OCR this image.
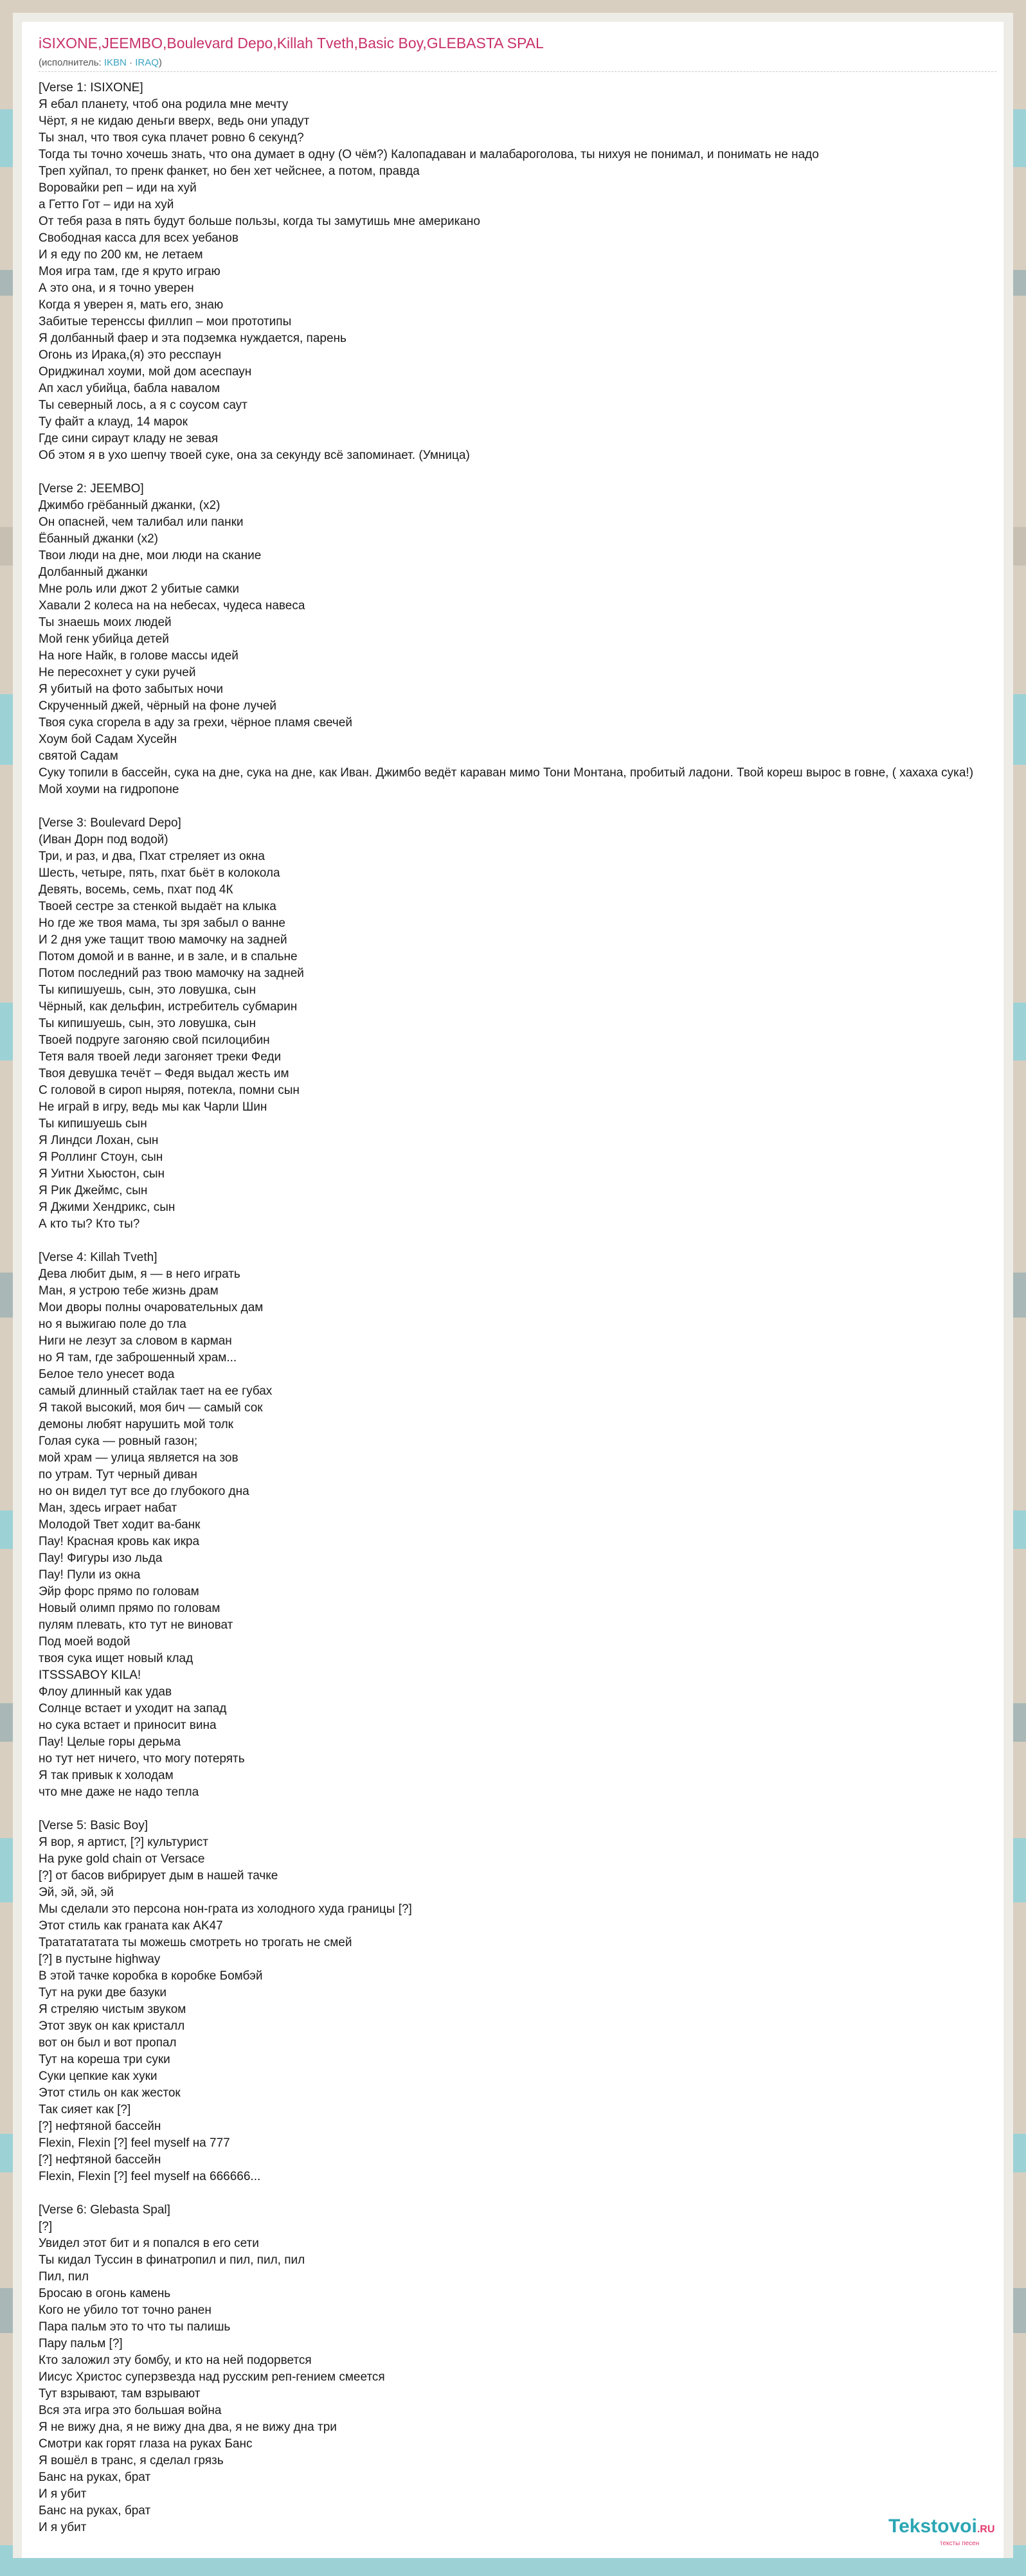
iSIXONE,JEEMBO,Boulevard Depo,Killah Tveth,Basic Boy,GLEBASTA SPAL
(исполнитель: IKBN · IRAQ)
[Verse 1: ISIXONE]
Я ебал планету, чтоб она родила мне мечту
Чёрт, я не кидаю деньги вверх, ведь они упадут
Ты знал, что твоя сука плачет ровно 6 секунд?
Тогда ты точно хочешь знать, что она думает в одну (О чём?) Калопадаван и малабароголова, ты нихуя не понимал, и понимать не надо
Треп хуйпал, то пренк фанкет, но бен хет чейснее, а потом, правда
Воровайки реп – иди на хуй
а Гетто Гот – иди на хуй
От тебя раза в пять будут больше пользы, когда ты замутишь мне американо
Свободная касса для всех уебанов
И я еду по 200 км, не летаем
Моя игра там, где я круто играю
А это она, и я точно уверен
Когда я уверен я, мать его, знаю
Забитые теренссы филлип – мои прототипы
Я долбанный фаер и эта подземка нуждается, парень
Огонь из Ирака,(я) это ресспаун
Ориджинал хоуми, мой дом асеспаун
Ап хасл убийца, бабла навалом
Ты северный лось, а я с соусом саут
Ту файт а клауд, 14 марок
Где сини сираут кладу не зевая
Об этом я в ухо шепчу твоей суке, она за секунду всё запоминает. (Умница)

[Verse 2: JEEMBO]
Джимбо грёбанный джанки, (x2)
Он опасней, чем талибал или панки
Ёбанный джанки (x2)
Твои люди на дне, мои люди на скание
Долбанный джанки
Мне роль или джот 2 убитые самки
Хавали 2 колеса на на небесах, чудеса навеса
Ты знаешь моих людей
Мой генк убийца детей
На ноге Найк, в голове массы идей
Не пересохнет у суки ручей
Я убитый на фото забытых ночи
Скрученный джей, чёрный на фоне лучей
Твоя сука сгорела в аду за грехи, чёрное пламя свечей
Хоум бой Садам Хусейн
святой Садам
Суку топили в бассейн, сука на дне, сука на дне, как Иван. Джимбо ведёт караван мимо Тони Монтана, пробитый ладони. Твой кореш вырос в говне, ( хахаха сука!)
Мой хоуми на гидропоне

[Verse 3: Boulevard Depo]
(Иван Дорн под водой)
Три, и раз, и два, Пхат стреляет из окна
Шесть, четыре, пять, пхат бьёт в колокола
Девять, восемь, семь, пхат под 4К
Твоей сестре за стенкой выдаёт на клыка
Но где же твоя мама, ты зря забыл о ванне
И 2 дня уже тащит твою мамочку на задней
Потом домой и в ванне, и в зале, и в спальне
Потом последний раз твою мамочку на задней
Ты кипишуешь, сын, это ловушка, сын
Чёрный, как дельфин, истребитель субмарин
Ты кипишуешь, сын, это ловушка, сын
Твоей подруге загоняю свой псилоцибин
Тетя валя твоей леди загоняет треки Феди
Твоя девушка течёт – Федя выдал жесть им
С головой в сироп ныряя, потекла, помни сын
Не играй в игру, ведь мы как Чарли Шин
Ты кипишуешь сын
Я Линдси Лохан, сын
Я Роллинг Стоун, сын
Я Уитни Хьюстон, сын
Я Рик Джеймс, сын
Я Джими Хендрикс, сын
А кто ты? Кто ты?

[Verse 4: Killah Tveth]
Дева любит дым, я — в него играть
Ман, я устрою тебе жизнь драм
Мои дворы полны очаровательных дам
но я выжигаю поле до тла
Ниги не лезут за словом в карман
но Я там, где заброшенный храм...
Белое тело унесет вода
самый длинный стайлак тает на ее губах
Я такой высокий, моя бич — самый сок
демоны любят нарушить мой толк
Голая сука — ровный газон;
мой храм — улица является на зов
по утрам. Тут черный диван
но он видел тут все до глубокого дна
Ман, здесь играет набат
Молодой Твет ходит ва-банк
Пау! Красная кровь как икра
Пау! Фигуры изо льда
Пау! Пули из окна
Эйр форс прямо по головам
Новый олимп прямо по головам
пулям плевать, кто тут не виноват
Под моей водой
твоя сука ищет новый клад
ITSSSABOY KILA!
Флоу длинный как удав
Солнце встает и уходит на запад
но сука встает и приносит вина
Пау! Целые горы дерьма
но тут нет ничего, что могу потерять
Я так привык к холодам
что мне даже не надо тепла

[Verse 5: Basic Boy]
Я вор, я артист, [?] культурист
На руке gold chain от Versace
[?] от басов вибрирует дым в нашей тачке
Эй, эй, эй, эй
Мы сделали это персона нон-грата из холодного худа границы [?]
Этот стиль как граната как AK47
Трататататата ты можешь смотреть но трогать не смей
[?] в пустыне highway
В этой тачке коробка в коробке Бомбэй
Тут на руки две базуки
Я стреляю чистым звуком
Этот звук он как кристалл
вот он был и вот пропал
Тут на кореша три суки
Суки цепкие как хуки
Этот стиль он как жесток
Так сияет как [?]
[?] нефтяной бассейн
Flexin, Flexin [?] feel myself на 777
[?] нефтяной бассейн
Flexin, Flexin [?] feel myself на 666666...

[Verse 6: Glebasta Spal]
[?]
Увидел этот бит и я попался в его сети
Ты кидал Туссин в финатропил и пил, пил, пил
Пил, пил
Бросаю в огонь камень
Кого не убило тот точно ранен
Пара пальм это то что ты палишь
Пару пальм [?]
Кто заложил эту бомбу, и кто на ней подорвется
Иисус Христос суперзвезда над русским реп-гением смеется
Тут взрывают, там взрывают
Вся эта игра это большая война
Я не вижу дна, я не вижу дна два, я не вижу дна три
Смотри как горят глаза на руках Банс
Я вошёл в транс, я сделал грязь
Банс на руках, брат
И я убит
Банс на руках, брат
И я убит	Tekstovoi.RU
тексты песен
